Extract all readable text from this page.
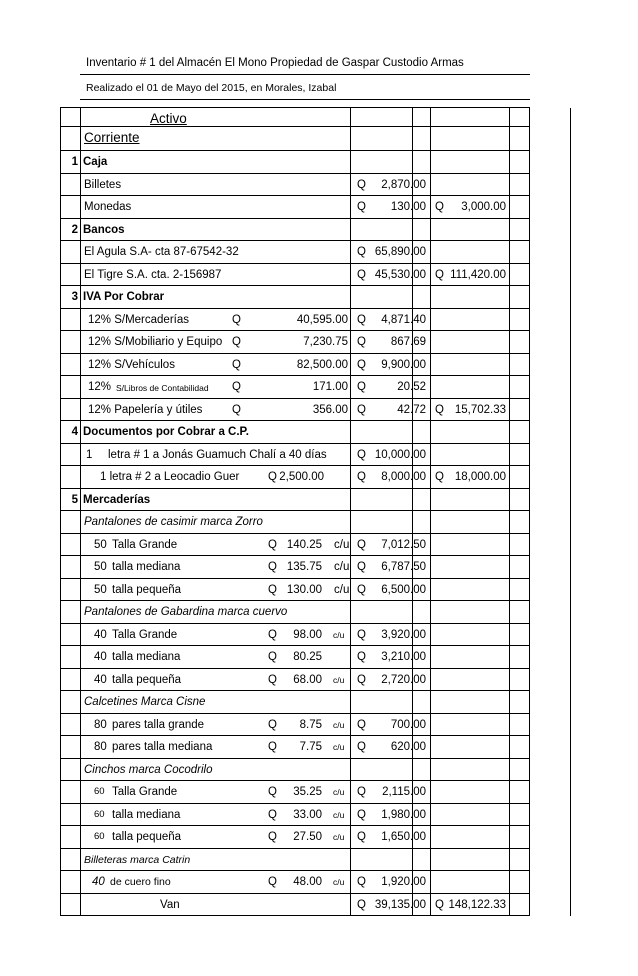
Inventario # 1 del Almacén El Mono Propiedad de Gaspar Custodio Armas
Realizado el 01 de Mayo del 2015, en Morales, Izabal
Activo
Corriente
1 Caja
Billetes	Q	2,870.00
Monedas	Q	130.00 Q	3,000.00
2 Bancos
El Agula S.A- cta 87-67542-32	Q 65,890.00
El Tigre S.A. cta. 2-156987	Q 45,530.00 Q 111,420.00
3 IVA Por Cobrar
12% S/Mercaderías	Q	40,595.00 Q	4,871.40
12% S/Mobiliario y Equipo Q	7,230.75 Q	867.69
12% S/Vehículos	Q	82,500.00 Q	9,900.00
12% S/Libros de Contabilidad Q	171.00 Q	20.52
12% Papelería y útiles	Q	356.00 Q	42.72 Q 15,702.33
4 Documentos por Cobrar a C.P.
1 letra # 1 a Jonás Guamuch Chalí a 40 días	Q 10,000.00
1 letra # 2 a Leocadio Guer	Q 2,500.00	Q	8,000.00 Q 18,000.00
5 Mercaderías
Pantalones de casimir marca Zorro
50 Talla Grande	Q 140.25 c/u Q	7,012.50
50 talla mediana	Q 135.75 c/u Q	6,787.50
50 talla pequeña	Q 130.00 c/u Q	6,500.00
Pantalones de Gabardina marca cuervo
40 Talla Grande	Q	98.00 c/u Q	3,920.00
40 talla mediana	Q	80.25	Q	3,210.00
40 talla pequeña	Q	68.00 c/u Q	2,720.00
Calcetines Marca Cisne
80 pares talla grande	Q	8.75 c/u Q	700.00
80 pares talla mediana	Q	7.75 c/u Q	620.00
Cinchos marca Cocodrilo
60 Talla Grande	Q	35.25 c/u Q	2,115.00
60 talla mediana	Q	33.00 c/u Q	1,980.00
60 talla pequeña	Q	27.50 c/u Q	1,650.00
Billeteras marca Catrin
40 de cuero fino	Q	48.00 c/u Q	1,920.00
Van	Q 39,135.00 Q 148,122.33
